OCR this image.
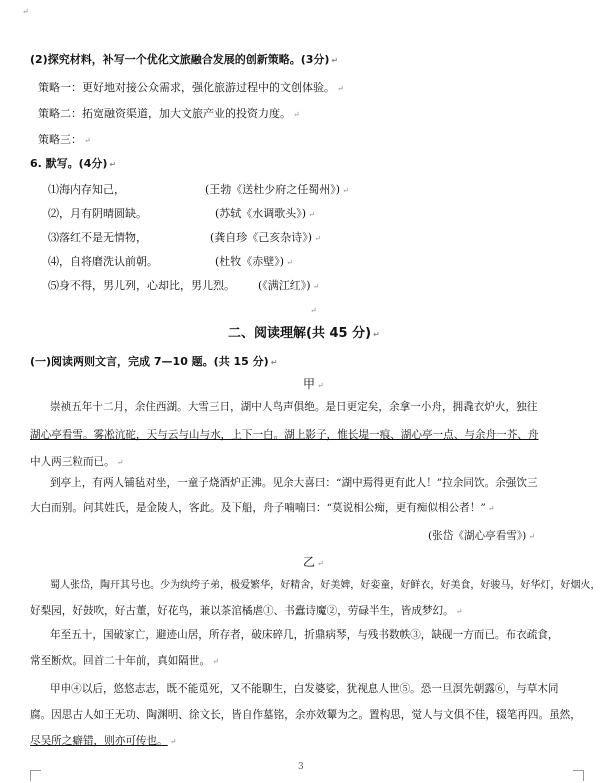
↵
(2)探究材料，补写一个优化文旅融合发展的创新策略。(3分) ↵
策略一：更好地对接公众需求，强化旅游过程中的文创体验。 ↵
策略二：拓宽融资渠道，加大文旅产业的投资力度。 ↵
策略三： ↵
6. 默写。(4分) ↵
⑴海内存知己，	(王勃《送杜少府之任蜀州》) ↵
⑵，月有阴晴圆缺。	(苏轼《水调歌头》) ↵
⑶落红不是无情物，	(龚自珍《己亥杂诗》) ↵
⑷，自将磨洗认前朝。	(杜牧《赤壁》) ↵
⑸身不得，男儿列，心却比，男儿烈。 (《满江红》) ↵
↵
二、阅读理解(共 45 分) ↵
(一)阅读两则文言，完成 7—10 题。(共 15 分) ↵
甲 ↵
崇祯五年十二月，余住西湖。大雪三日，湖中人鸟声俱绝。是日更定矣，余拿一小舟，拥毳衣炉火，独往
湖心亭看雪。雾凇沆砣，天与云与山与水，上下一白。湖上影子，惟长堤一痕、湖心亭一点、与余舟一芥、舟
中人两三粒而已。 ↵
到亭上，有两人铺毡对坐，一童子烧酒炉正沸。见余大喜曰：“湖中焉得更有此人！”拉余同饮。余强饮三
大白而别。问其姓氏，是金陵人，客此。及下船，舟子喃喃曰：“莫说相公痴，更有痴似相公者！” ↵
(张岱《湖心亭看雪》) ↵
乙 ↵
蜀人张岱，陶幵其号也。少为纨绔子弟，极爱繁华，好精舍，好美婢，好娈童，好鲜衣，好美食，好骏马，好华灯，好烟火，
好梨园，好鼓吹，好古董，好花鸟，兼以茶涫橘虐①、书蠹诗魔②，劳碌半生，皆成梦幻。 ↵
年至五十，国破家亡，避迹山居，所存者，破床碎几，折鼎病琴，与残书数帙③，缺砚一方而已。布衣疏食，
常至断炊。回首二十年前，真如隔世。 ↵
甲申④以后，悠悠志志，既不能觅死，又不能聊生，白发婆娑，犹视息人世⑤。恐一旦溟先朝露⑥，与草木同
腐。因思古人如王无功、陶渊明、徐文长，皆自作墓铭，余亦效颦为之。置构思，觉人与文俱不佳，辍笔再四。虽然，
尽吴所之癖错，则亦可传也。 ↵
3
